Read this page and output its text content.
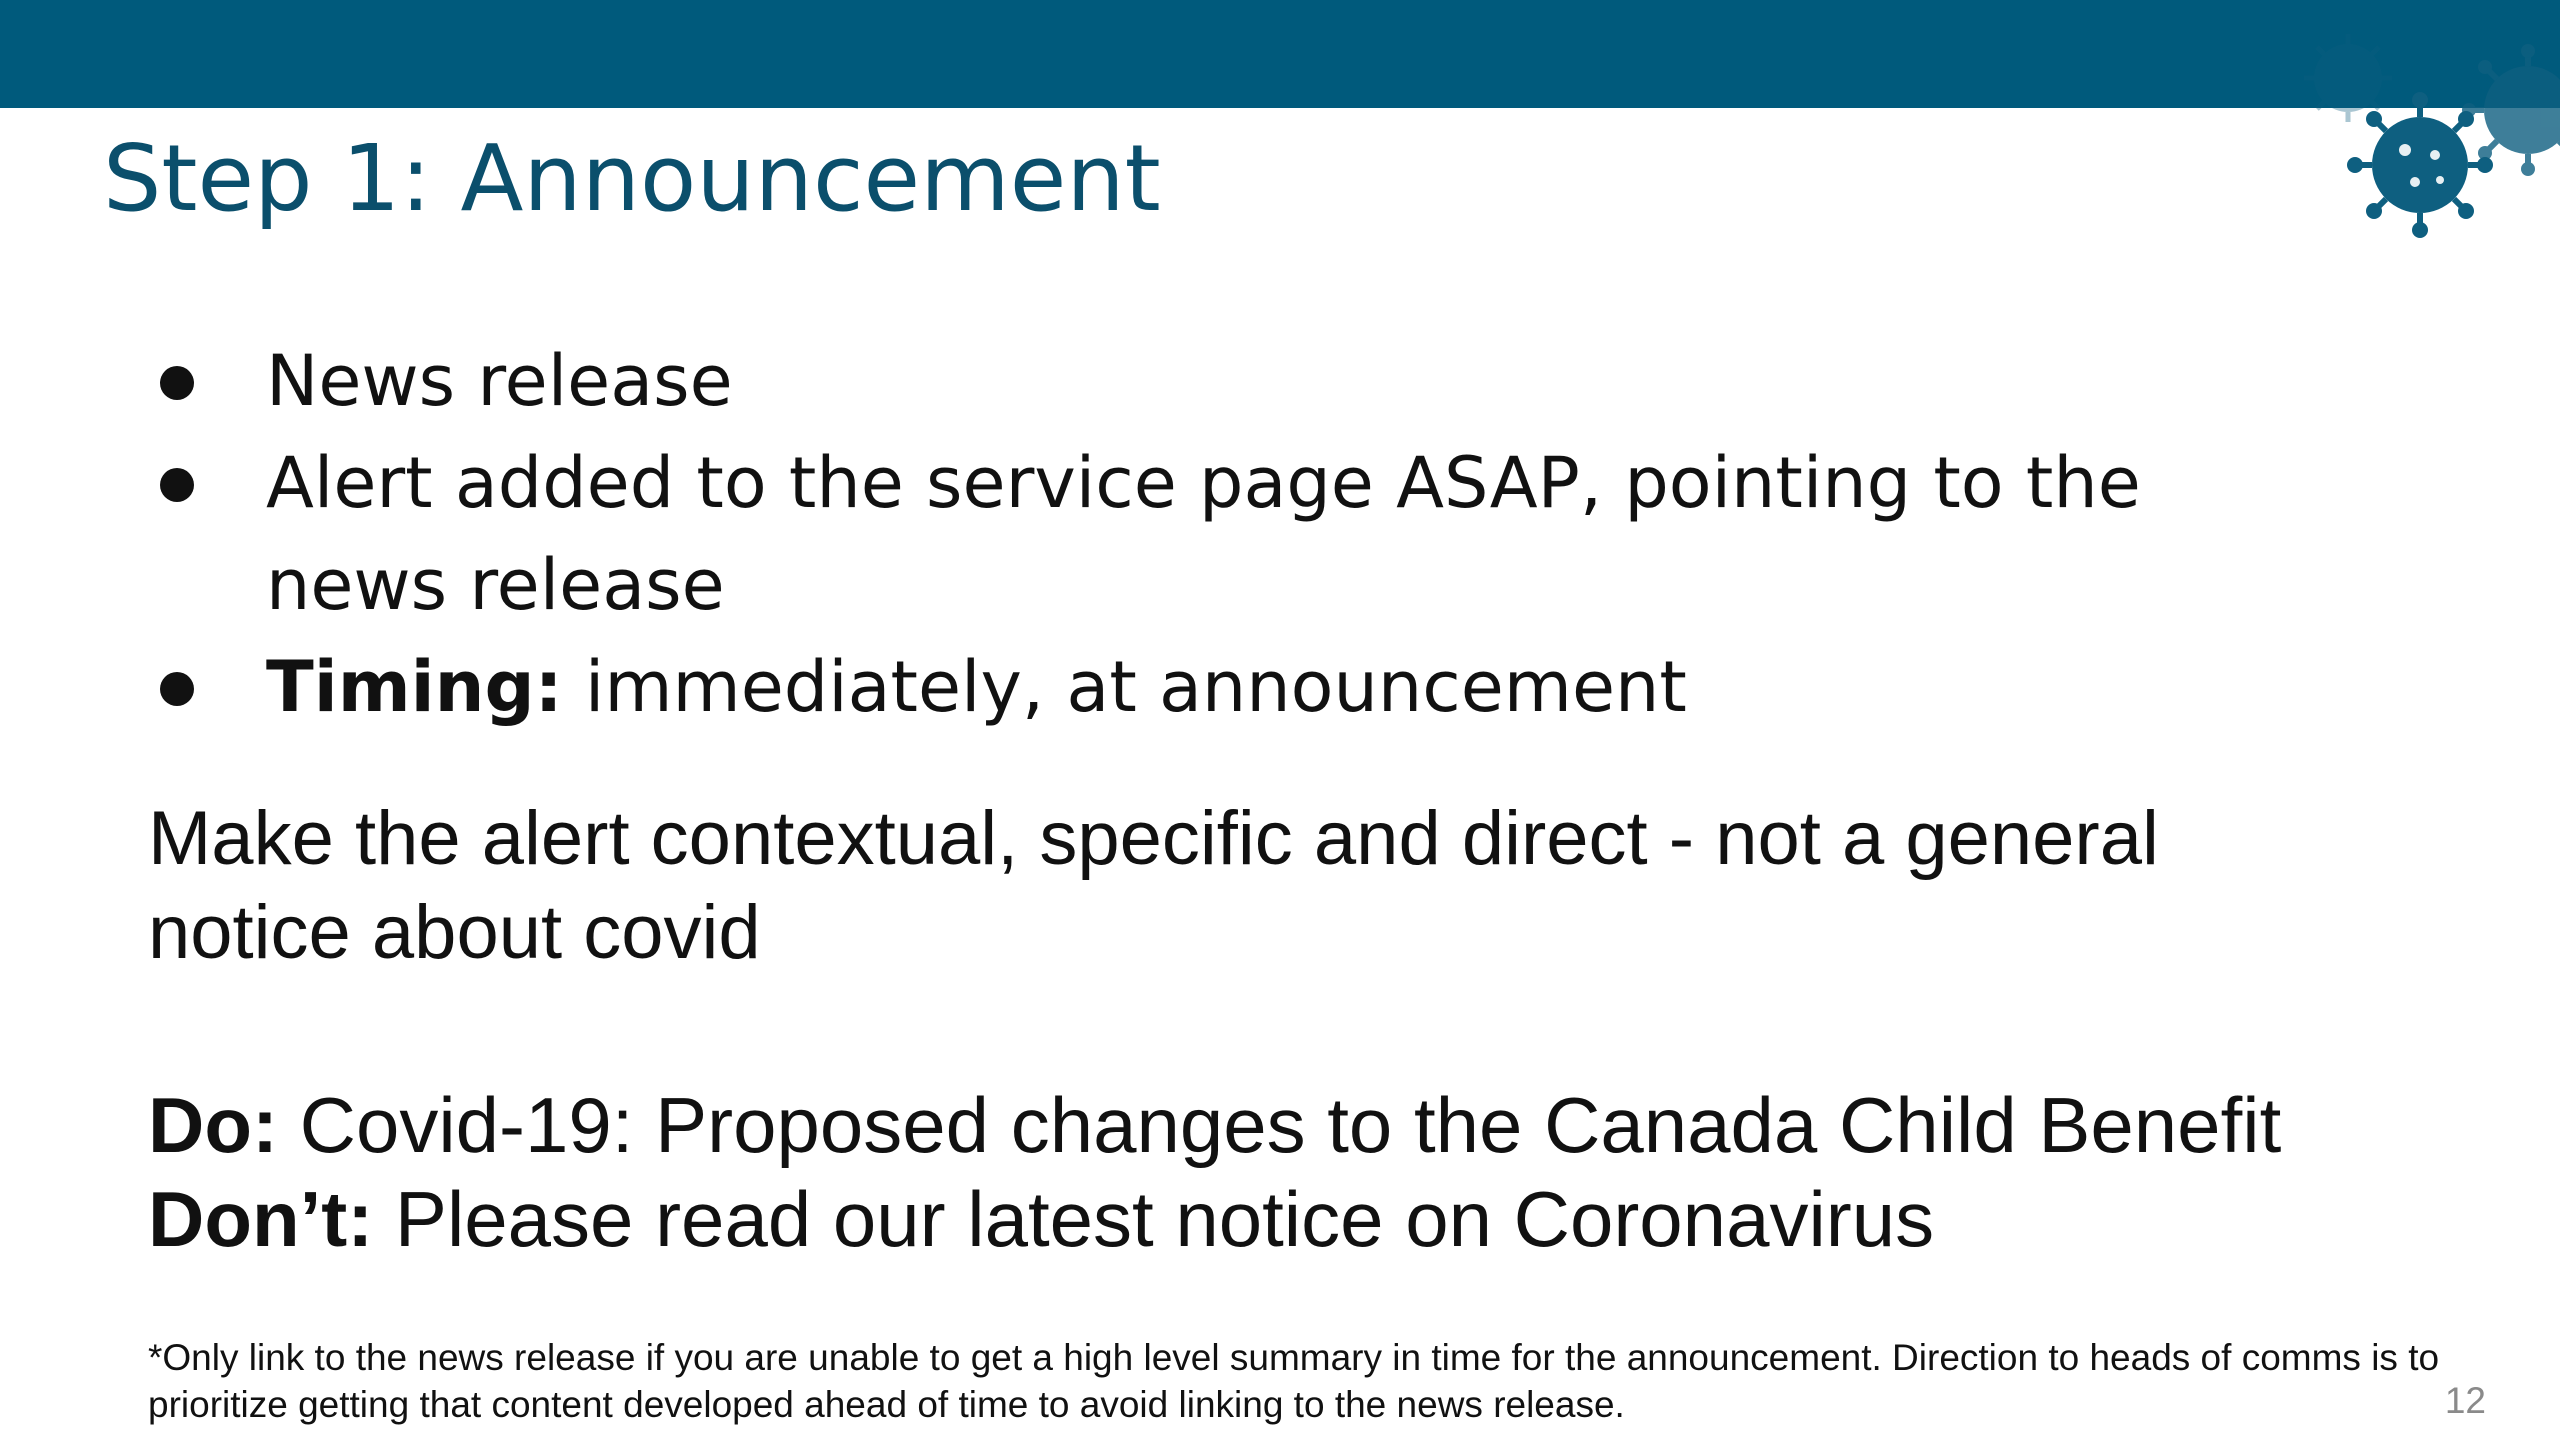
Step 1: Announcement
News release
Alert added to the service page ASAP, pointing to the news release
Timing: immediately, at announcement

Make the alert contextual, specific and direct - not a general notice about covid

Do: Covid-19: Proposed changes to the Canada Child Benefit
Don’t: Please read our latest notice on Coronavirus

*Only link to the news release if you are unable to get a high level summary in time for the announcement. Direction to heads of comms is to prioritize getting that content developed ahead of time to avoid linking to the news release.	12
